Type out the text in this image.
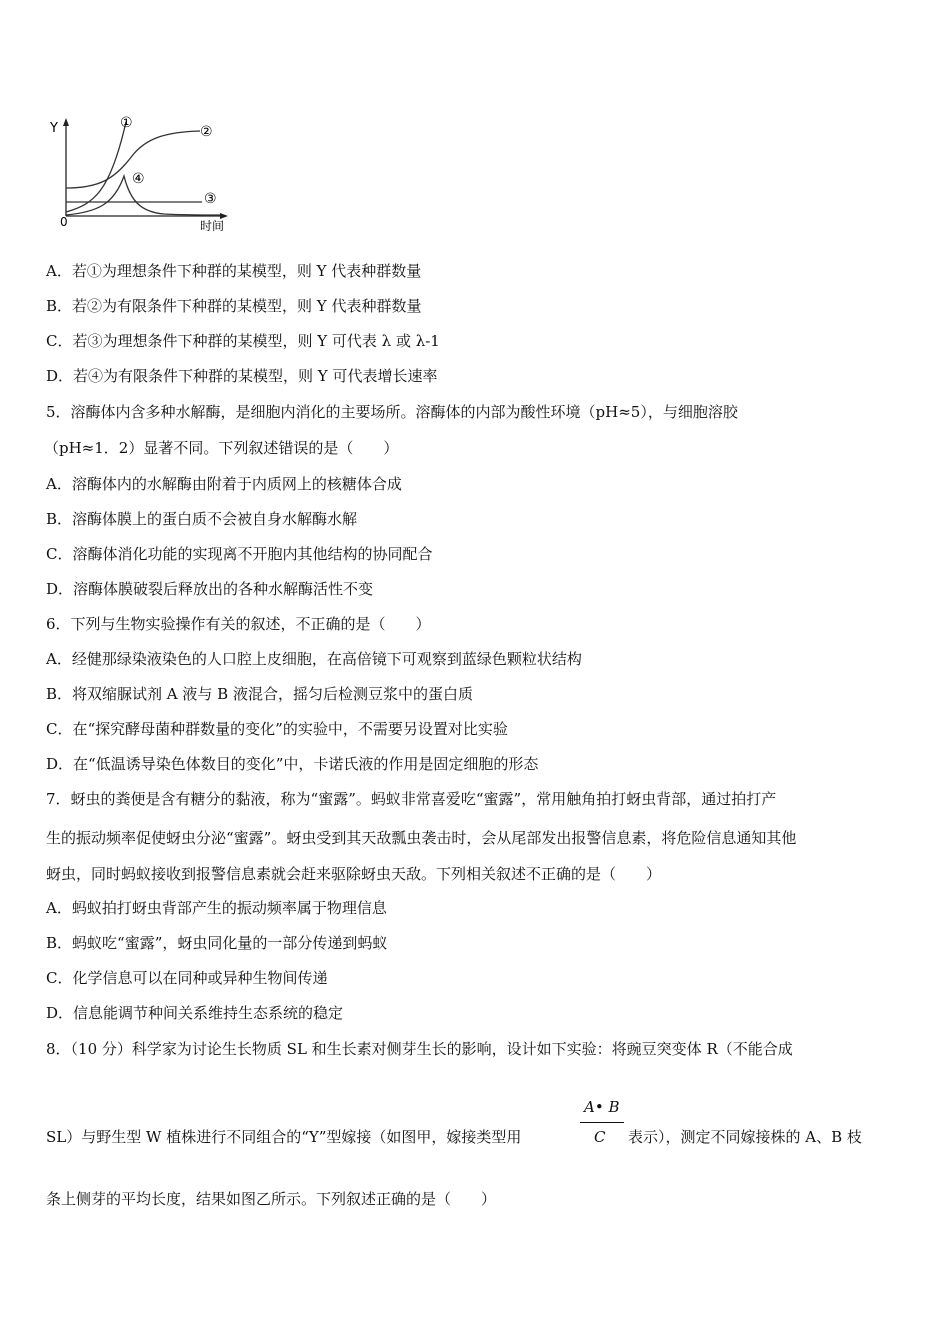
Y
0	时间
①
②
③
④
A．若①为理想条件下种群的某模型，则 Y 代表种群数量
B．若②为有限条件下种群的某模型，则 Y 代表种群数量
C．若③为理想条件下种群的某模型，则 Y 可代表 λ 或 λ-1
D．若④为有限条件下种群的某模型，则 Y 可代表增长速率
5．溶酶体内含多种水解酶，是细胞内消化的主要场所。溶酶体的内部为酸性环境（pH≈5），与细胞溶胶
（pH≈1．2）显著不同。下列叙述错误的是（　　）
A．溶酶体内的水解酶由附着于内质网上的核糖体合成
B．溶酶体膜上的蛋白质不会被自身水解酶水解
C．溶酶体消化功能的实现离不开胞内其他结构的协同配合
D．溶酶体膜破裂后释放出的各种水解酶活性不变
6．下列与生物实验操作有关的叙述，不正确的是（　　）
A．经健那绿染液染色的人口腔上皮细胞，在高倍镜下可观察到蓝绿色颗粒状结构
B．将双缩脲试剂 A 液与 B 液混合，摇匀后检测豆浆中的蛋白质
C．在“探究酵母菌种群数量的变化”的实验中，不需要另设置对比实验
D．在“低温诱导染色体数目的变化”中，卡诺氏液的作用是固定细胞的形态
7．蚜虫的粪便是含有糖分的黏液，称为“蜜露”。蚂蚁非常喜爱吃“蜜露”，常用触角拍打蚜虫背部，通过拍打产
生的振动频率促使蚜虫分泌“蜜露”。蚜虫受到其天敌瓢虫袭击时，会从尾部发出报警信息素，将危险信息通知其他
蚜虫，同时蚂蚁接收到报警信息素就会赶来驱除蚜虫天敌。下列相关叙述不正确的是（　　）
A．蚂蚁拍打蚜虫背部产生的振动频率属于物理信息
B．蚂蚁吃“蜜露”，蚜虫同化量的一部分传递到蚂蚁
C．化学信息可以在同种或异种生物间传递
D．信息能调节种间关系维持生态系统的稳定
8．（10 分）科学家为讨论生长物质 SL 和生长素对侧芽生长的影响，设计如下实验：将豌豆突变体 R（不能合成
SL）与野生型 W 植株进行不同组合的“Y”型嫁接（如图甲，嫁接类型用
A• B
C 表示），测定不同嫁接株的 A、B 枝
条上侧芽的平均长度，结果如图乙所示。下列叙述正确的是（　　）
